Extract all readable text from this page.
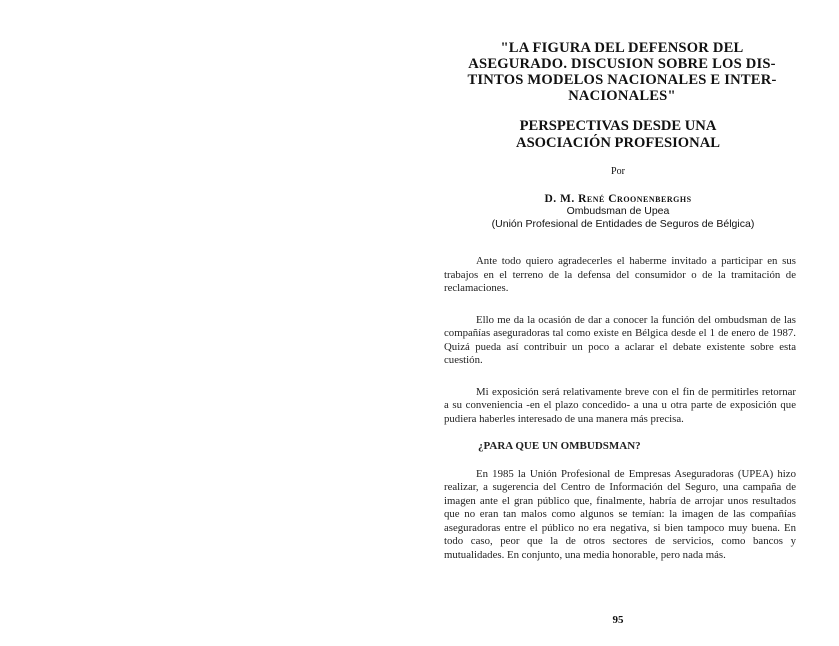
"LA FIGURA DEL DEFENSOR DEL
ASEGURADO. DISCUSION SOBRE LOS DIS-
TINTOS MODELOS NACIONALES E INTER-
NACIONALES"
PERSPECTIVAS DESDE UNA
ASOCIACIÓN PROFESIONAL
Por
D. M. René Croonenberghs
Ombudsman de Upea
(Unión Profesional de Entidades de Seguros de Bélgica)

Ante todo quiero agradecerles el haberme invitado a participar en sus trabajos en el terreno de la defensa del consumidor o de la tramitación de reclamaciones.

Ello me da la ocasión de dar a conocer la función del ombudsman de las compañías aseguradoras tal como existe en Bélgica desde el 1 de enero de 1987. Quizá pueda así contribuir un poco a aclarar el debate existente sobre esta cuestión.

Mi exposición será relativamente breve con el fin de permitirles retornar a su conveniencia -en el plazo concedido- a una u otra parte de exposición que pudiera haberles interesado de una manera más precisa.

¿PARA QUE UN OMBUDSMAN?

En 1985 la Unión Profesional de Empresas Aseguradoras (UPEA) hizo realizar, a sugerencia del Centro de Información del Seguro, una campaña de imagen ante el gran público que, finalmente, habría de arrojar unos resultados que no eran tan malos como algunos se temían: la imagen de las compañías aseguradoras entre el público no era negativa, si bien tampoco muy buena. En todo caso, peor que la de otros sectores de servicios, como bancos y mutualidades. En conjunto, una media honorable, pero nada más.

95
